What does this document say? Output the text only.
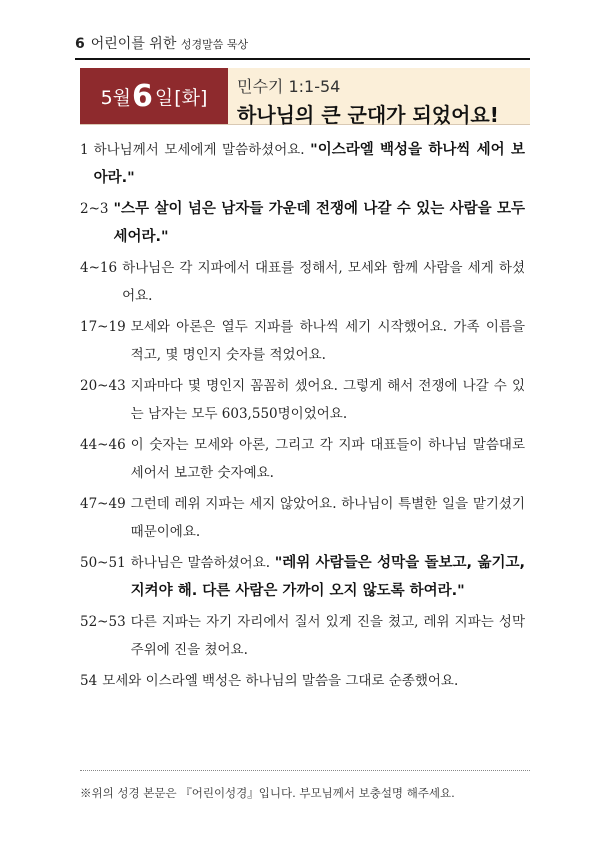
6 어린이를 위한 성경말씀 묵상
5월 6 일 [화] 민수기 1:1-54
하나님의 큰 군대가 되었어요!
1 하나님께서 모세에게 말씀하셨어요. "이스라엘 백성을 하나씩 세어 보아라."
2~3 "스무 살이 넘은 남자들 가운데 전쟁에 나갈 수 있는 사람을 모두 세어라."
4~16 하나님은 각 지파에서 대표를 정해서, 모세와 함께 사람을 세게 하셨어요.
17~19 모세와 아론은 열두 지파를 하나씩 세기 시작했어요. 가족 이름을 적고, 몇 명인지 숫자를 적었어요.
20~43 지파마다 몇 명인지 꼼꼼히 셌어요. 그렇게 해서 전쟁에 나갈 수 있는 남자는 모두 603,550명이었어요.
44~46 이 숫자는 모세와 아론, 그리고 각 지파 대표들이 하나님 말씀대로 세어서 보고한 숫자예요.
47~49 그런데 레위 지파는 세지 않았어요. 하나님이 특별한 일을 맡기셨기 때문이에요.
50~51 하나님은 말씀하셨어요. "레위 사람들은 성막을 돌보고, 옮기고, 지켜야 해. 다른 사람은 가까이 오지 않도록 하여라."
52~53 다른 지파는 자기 자리에서 질서 있게 진을 쳤고, 레위 지파는 성막 주위에 진을 쳤어요.
54 모세와 이스라엘 백성은 하나님의 말씀을 그대로 순종했어요.
※위의 성경 본문은 『어린이성경』입니다. 부모님께서 보충설명 해주세요.
